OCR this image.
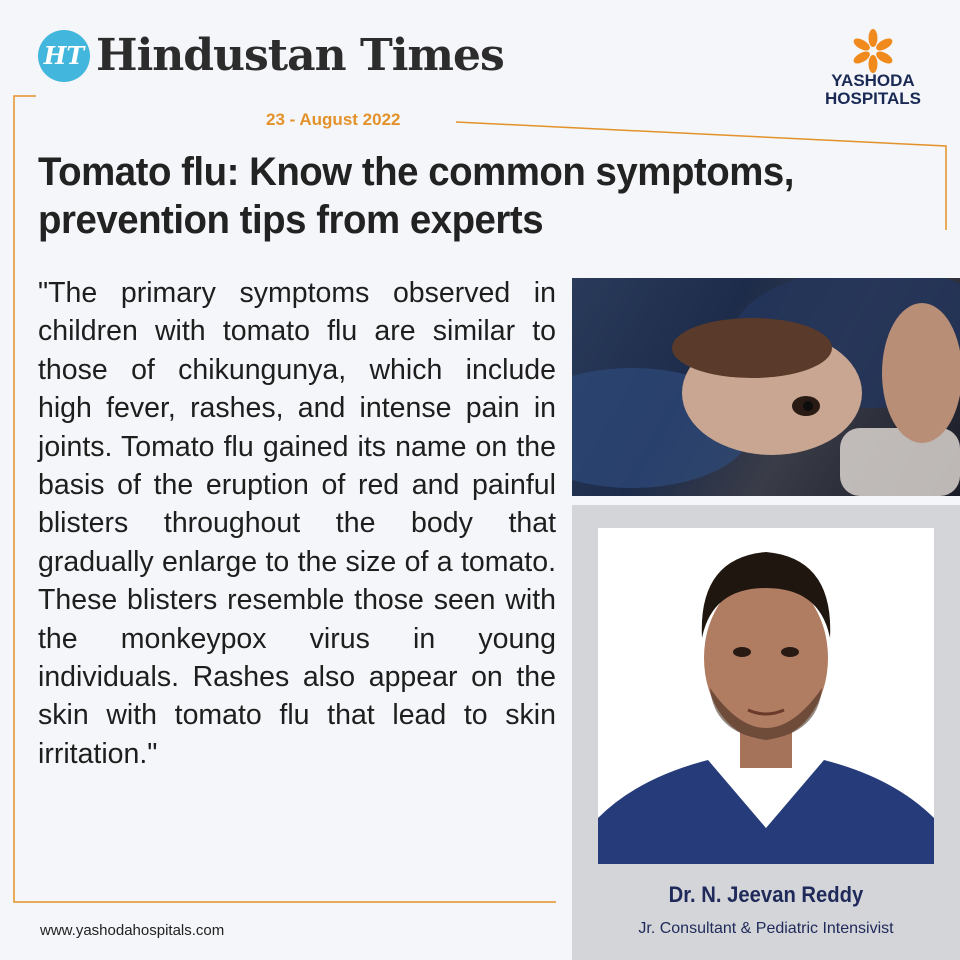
HT Hindustan Times	YASHODA
HOSPITALS
23 - August 2022
Tomato flu: Know the common symptoms, prevention tips from experts
"The primary symptoms observed in children with tomato flu are similar to those of chikungunya, which include high fever, rashes, and intense pain in joints. Tomato flu gained its name on the basis of the eruption of red and painful blisters throughout the body that gradually enlarge to the size of a tomato. These blisters resemble those seen with the monkeypox virus in young individuals. Rashes also appear on the skin with tomato flu that lead to skin irritation."
Dr. N. Jeevan Reddy
Jr. Consultant & Pediatric Intensivist
www.yashodahospitals.com
